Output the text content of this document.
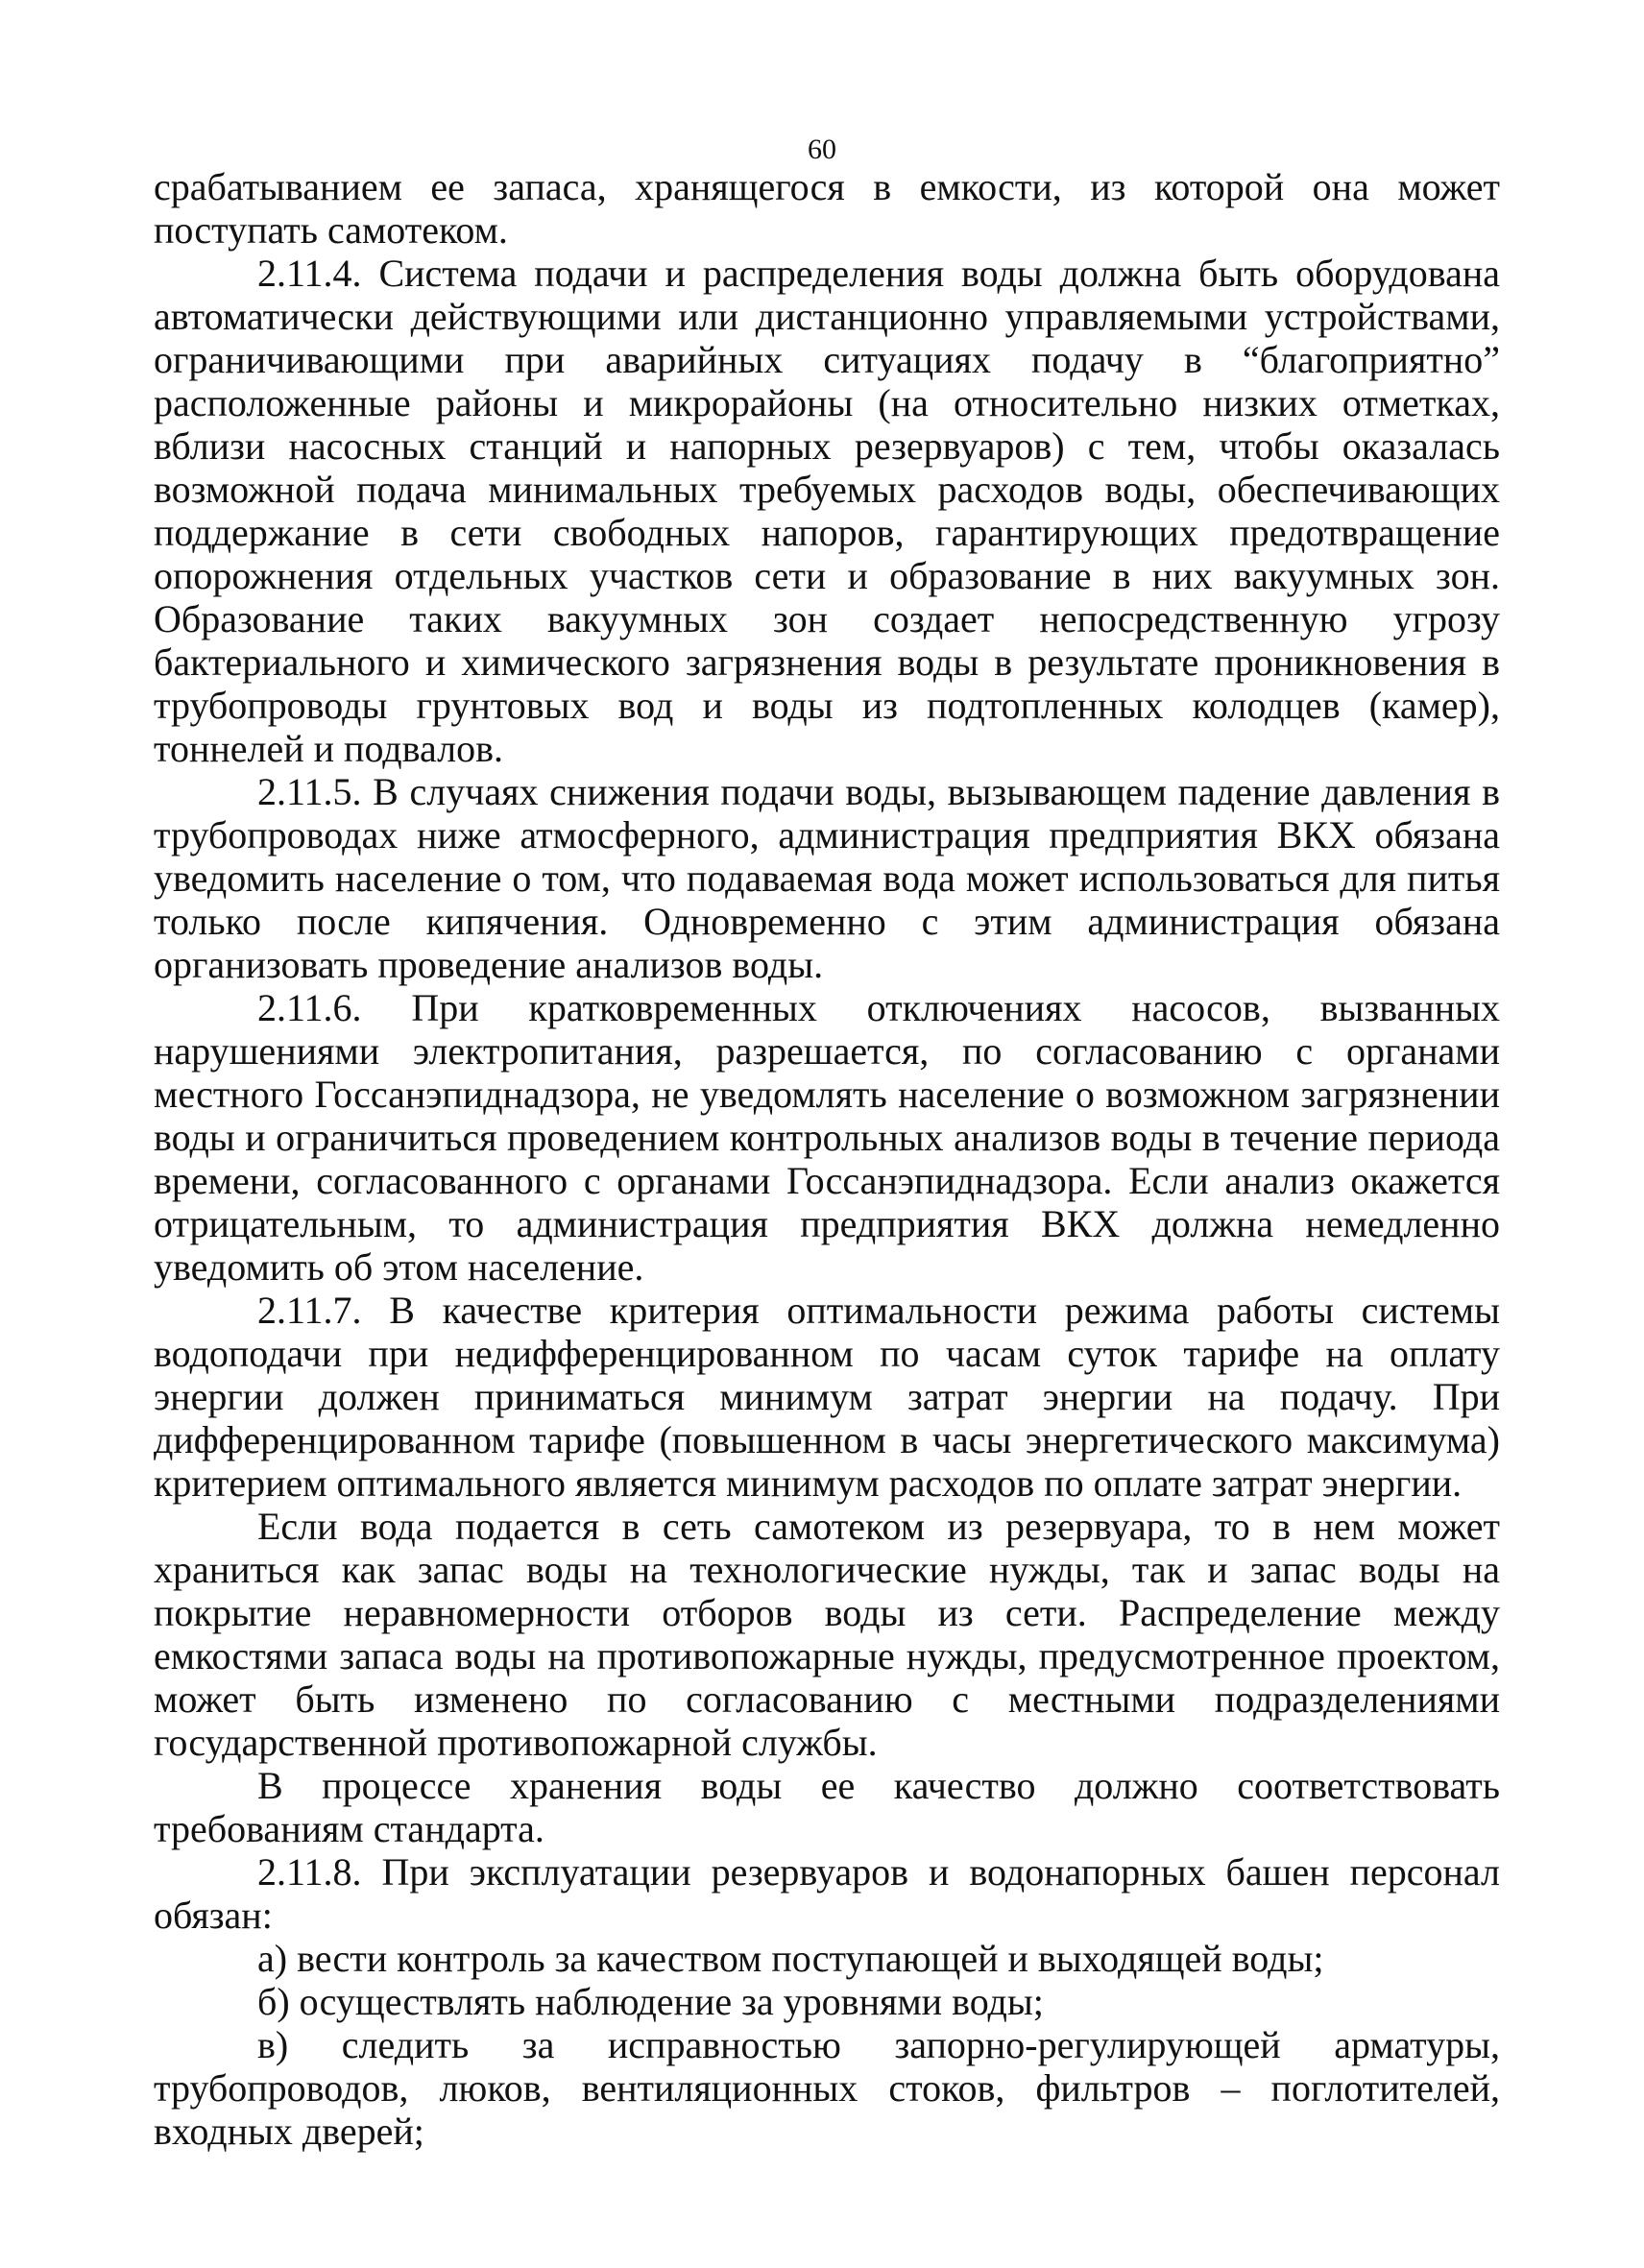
60

срабатыванием ее запаса, хранящегося в емкости, из которой она может поступать самотеком.

2.11.4. Система подачи и распределения воды должна быть оборудована автоматически действующими или дистанционно управляемыми устройствами, ограничивающими при аварийных ситуациях подачу в “благоприятно” расположенные районы и микрорайоны (на относительно низких отметках, вблизи насосных станций и напорных резервуаров) с тем, чтобы оказалась возможной подача минимальных требуемых расходов воды, обеспечивающих поддержание в сети свободных напоров, гарантирующих предотвращение опорожнения отдельных участков сети и образование в них вакуумных зон. Образование таких вакуумных зон создает непосредственную угрозу бактериального и химического загрязнения воды в результате проникновения в трубопроводы грунтовых вод и воды из подтопленных колодцев (камер), тоннелей и подвалов.

2.11.5. В случаях снижения подачи воды, вызывающем падение давления в трубопроводах ниже атмосферного, администрация предприятия ВКХ обязана уведомить население о том, что подаваемая вода может использоваться для питья только после кипячения. Одновременно с этим администрация обязана организовать проведение анализов воды.

2.11.6. При кратковременных отключениях насосов, вызванных нарушениями электропитания, разрешается, по согласованию с органами местного Госсанэпиднадзора, не уведомлять население о возможном загрязнении воды и ограничиться проведением контрольных анализов воды в течение периода времени, согласованного с органами Госсанэпиднадзора. Если анализ окажется отрицательным, то администрация предприятия ВКХ должна немедленно уведомить об этом население.

2.11.7. В качестве критерия оптимальности режима работы системы водоподачи при недифференцированном по часам суток тарифе на оплату энергии должен приниматься минимум затрат энергии на подачу. При дифференцированном тарифе (повышенном в часы энергетического максимума) критерием оптимального является минимум расходов по оплате затрат энергии.

Если вода подается в сеть самотеком из резервуара, то в нем может храниться как запас воды на технологические нужды, так и запас воды на покрытие неравномерности отборов воды из сети. Распределение между емкостями запаса воды на противопожарные нужды, предусмотренное проектом, может быть изменено по согласованию с местными подразделениями государственной противопожарной службы.

В процессе хранения воды ее качество должно соответствовать требованиям стандарта.

2.11.8. При эксплуатации резервуаров и водонапорных башен персонал обязан:

а) вести контроль за качеством поступающей и выходящей воды;

б) осуществлять наблюдение за уровнями воды;

в) следить за исправностью запорно-регулирующей арматуры, трубопроводов, люков, вентиляционных стоков, фильтров – поглотителей, входных дверей;
